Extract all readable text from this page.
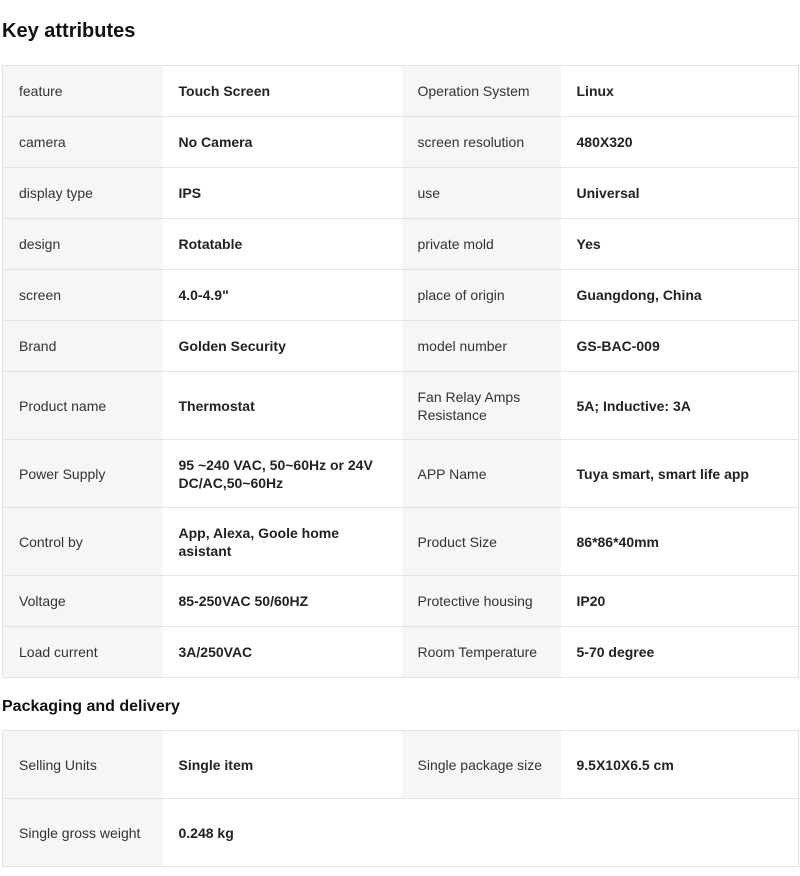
Key attributes
feature	Touch Screen	Operation System	Linux
camera	No Camera	screen resolution	480X320
display type	IPS	use	Universal
design	Rotatable	private mold	Yes
screen	4.0-4.9"	place of origin	Guangdong, China
Brand	Golden Security	model number	GS-BAC-009
Product name	Thermostat	Fan Relay Amps Resistance	5A; Inductive: 3A
Power Supply	95 ~240 VAC, 50~60Hz or 24V DC/AC,50~60Hz	APP Name	Tuya smart, smart life app
Control by	App, Alexa, Goole home asistant	Product Size	86*86*40mm
Voltage	85-250VAC 50/60HZ	Protective housing	IP20
Load current	3A/250VAC	Room Temperature	5-70 degree
Packaging and delivery
Selling Units	Single item	Single package size	9.5X10X6.5 cm
Single gross weight	0.248 kg		
